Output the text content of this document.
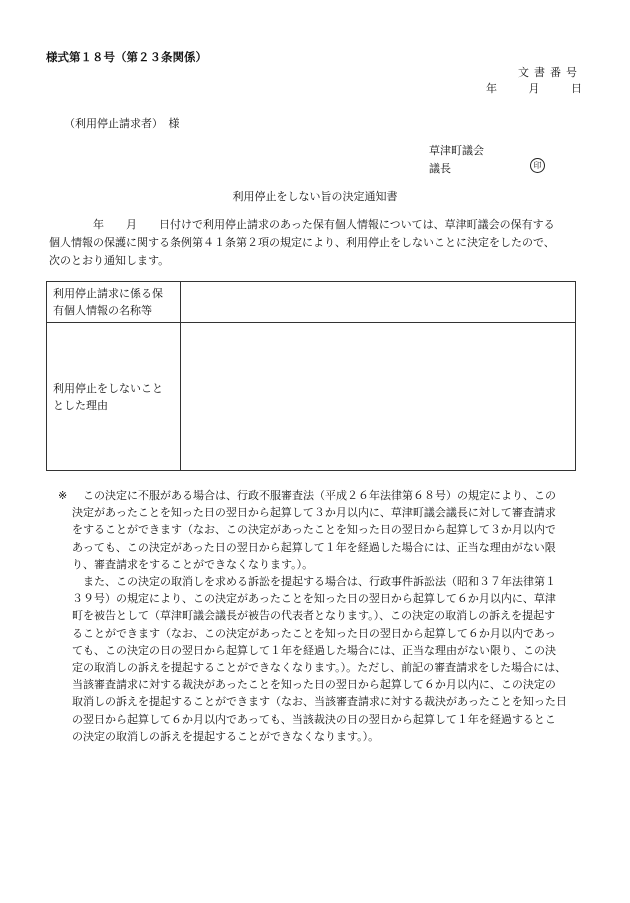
様式第１８号（第２３条関係）
文書番号
年	月	日
（利用停止請求者）　様
草津町議会
議長	印
利用停止をしない旨の決定通知書
　　　　年　　月　　日付けで利用停止請求のあった保有個人情報については、草津町議会の保有する
個人情報の保護に関する条例第４１条第２項の規定により、利用停止をしないことに決定をしたので、
次のとおり通知します。
利用停止請求に係る保
有個人情報の名称等	

利用停止をしないこと
とした理由	

※ 　この決定に不服がある場合は、行政不服審査法（平成２６年法律第６８号）の規定により、この
決定があったことを知った日の翌日から起算して３か月以内に、草津町議会議長に対して審査請求
をすることができます（なお、この決定があったことを知った日の翌日から起算して３か月以内で
あっても、この決定があった日の翌日から起算して１年を経過した場合には、正当な理由がない限
り、審査請求をすることができなくなります。）。
　また、この決定の取消しを求める訴訟を提起する場合は、行政事件訴訟法（昭和３７年法律第１
３９号）の規定により、この決定があったことを知った日の翌日から起算して６か月以内に、草津
町を被告として（草津町議会議長が被告の代表者となります。）、この決定の取消しの訴えを提起す
ることができます（なお、この決定があったことを知った日の翌日から起算して６か月以内であっ
ても、この決定の日の翌日から起算して１年を経過した場合には、正当な理由がない限り、この決
定の取消しの訴えを提起することができなくなります。）。ただし、前記の審査請求をした場合には、
当該審査請求に対する裁決があったことを知った日の翌日から起算して６か月以内に、この決定の
取消しの訴えを提起することができます（なお、当該審査請求に対する裁決があったことを知った日
の翌日から起算して６か月以内であっても、当該裁決の日の翌日から起算して１年を経過するとこ
の決定の取消しの訴えを提起することができなくなります。）。
